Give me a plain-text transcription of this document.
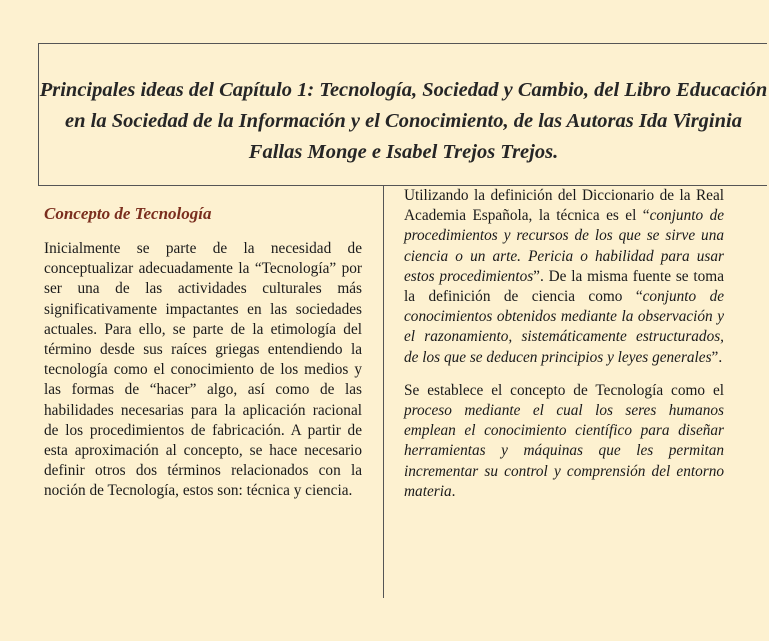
Principales ideas del Capítulo 1: Tecnología, Sociedad y Cambio, del Libro Educación en la Sociedad de la Información y el Conocimiento, de las Autoras Ida Virginia Fallas Monge e Isabel Trejos Trejos.
Concepto de Tecnología

Inicialmente se parte de la necesidad de conceptualizar adecuadamente la “Tecnología” por ser una de las actividades culturales más significativamente impactantes en las sociedades actuales. Para ello, se parte de la etimología del término desde sus raíces griegas entendiendo la tecnología como el conocimiento de los medios y las formas de “hacer” algo, así como de las habilidades necesarias para la aplicación racional de los procedimientos de fabricación. A partir de esta aproximación al concepto, se hace necesario definir otros dos términos relacionados con la noción de Tecnología, estos son: técnica y ciencia.

Utilizando la definición del Diccionario de la Real Academia Española, la técnica es el “conjunto de procedimientos y recursos de los que se sirve una ciencia o un arte. Pericia o habilidad para usar estos procedimientos”. De la misma fuente se toma la definición de ciencia como “conjunto de conocimientos obtenidos mediante la observación y el razonamiento, sistemáticamente estructurados, de los que se deducen principios y leyes generales”.

Se establece el concepto de Tecnología como el proceso mediante el cual los seres humanos emplean el conocimiento científico para diseñar herramientas y máquinas que les permitan incrementar su control y comprensión del entorno materia.
